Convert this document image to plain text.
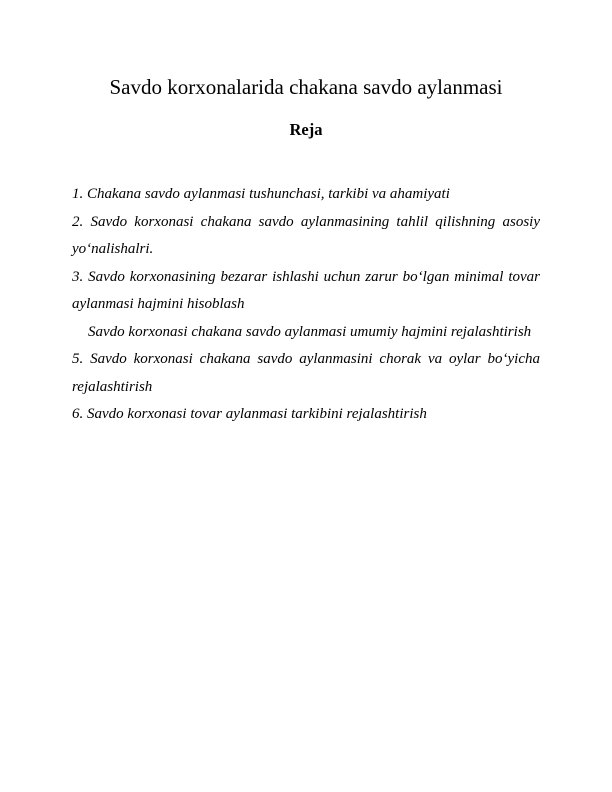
Savdo korxonalarida chakana savdo aylanmasi
Reja
1. Chakana savdo aylanmasi tushunchasi, tarkibi va ahamiyati
2. Savdo korxonasi chakana savdo aylanmasining tahlil qilishning asosiy yo‘nalishalri.
3. Savdo korxonasining bezarar ishlashi uchun zarur bo‘lgan minimal tovar aylanmasi hajmini hisoblash
Savdo korxonasi chakana savdo aylanmasi umumiy hajmini rejalashtirish
5. Savdo korxonasi chakana savdo aylanmasini chorak va oylar bo‘yicha rejalashtirish
6. Savdo korxonasi tovar aylanmasi tarkibini rejalashtirish
